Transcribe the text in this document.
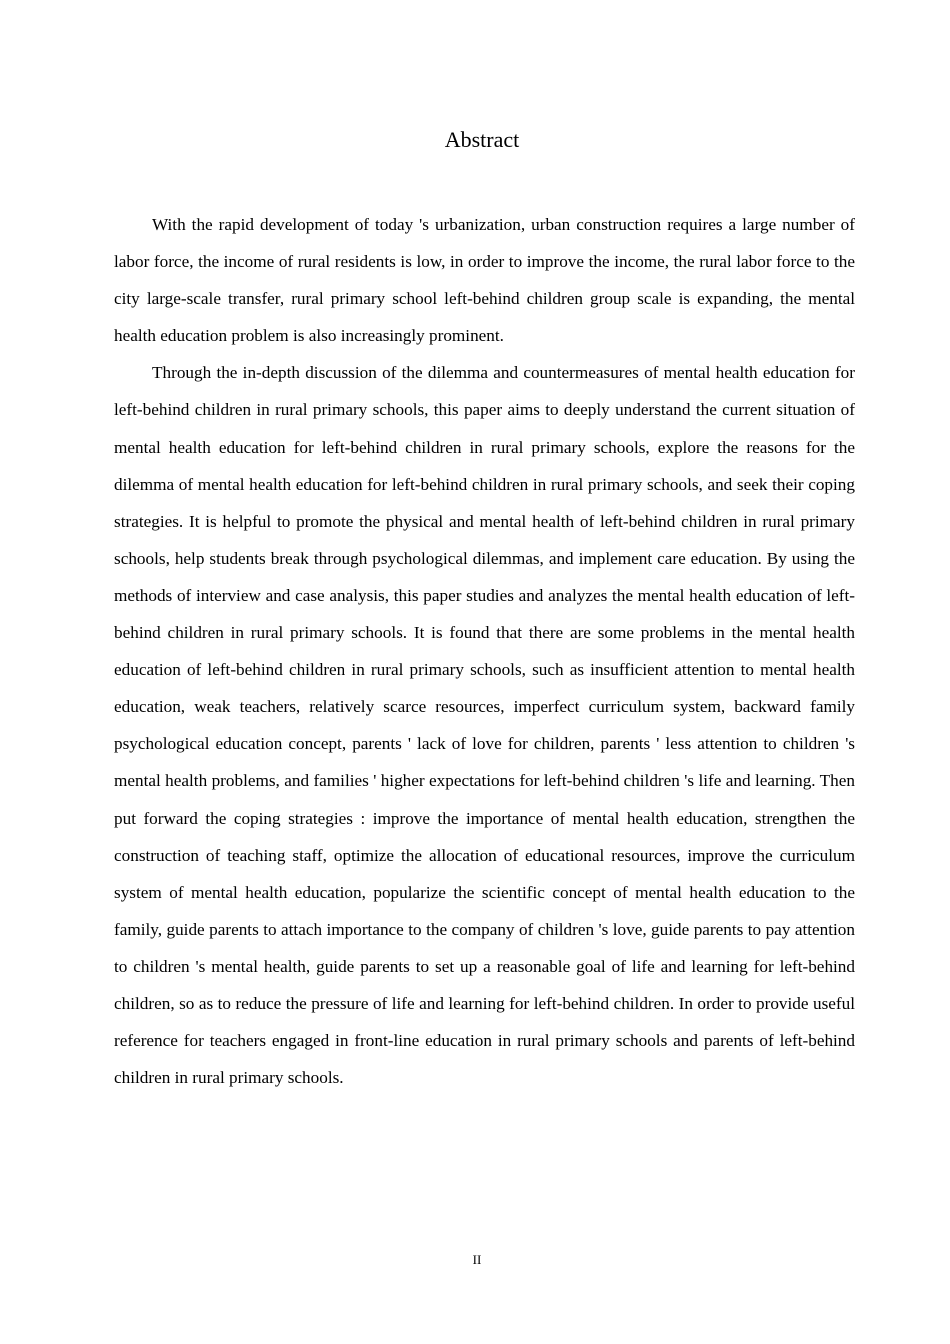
Abstract

With the rapid development of today 's urbanization, urban construction requires a large number of labor force, the income of rural residents is low, in order to improve the income, the rural labor force to the city large-scale transfer, rural primary school left-behind children group scale is expanding, the mental health education problem is also increasingly prominent.

Through the in-depth discussion of the dilemma and countermeasures of mental health education for left-behind children in rural primary schools, this paper aims to deeply understand the current situation of mental health education for left-behind children in rural primary schools, explore the reasons for the dilemma of mental health education for left-behind children in rural primary schools, and seek their coping strategies. It is helpful to promote the physical and mental health of left-behind children in rural primary schools, help students break through psychological dilemmas, and implement care education. By using the methods of interview and case analysis, this paper studies and analyzes the mental health education of left-behind children in rural primary schools. It is found that there are some problems in the mental health education of left-behind children in rural primary schools, such as insufficient attention to mental health education, weak teachers, relatively scarce resources, imperfect curriculum system, backward family psychological education concept, parents ' lack of love for children, parents ' less attention to children 's mental health problems, and families ' higher expectations for left-behind children 's life and learning. Then put forward the coping strategies : improve the importance of mental health education, strengthen the construction of teaching staff, optimize the allocation of educational resources, improve the curriculum system of mental health education, popularize the scientific concept of mental health education to the family, guide parents to attach importance to the company of children 's love, guide parents to pay attention to children 's mental health, guide parents to set up a reasonable goal of life and learning for left-behind children, so as to reduce the pressure of life and learning for left-behind children. In order to provide useful reference for teachers engaged in front-line education in rural primary schools and parents of left-behind children in rural primary schools.

II
